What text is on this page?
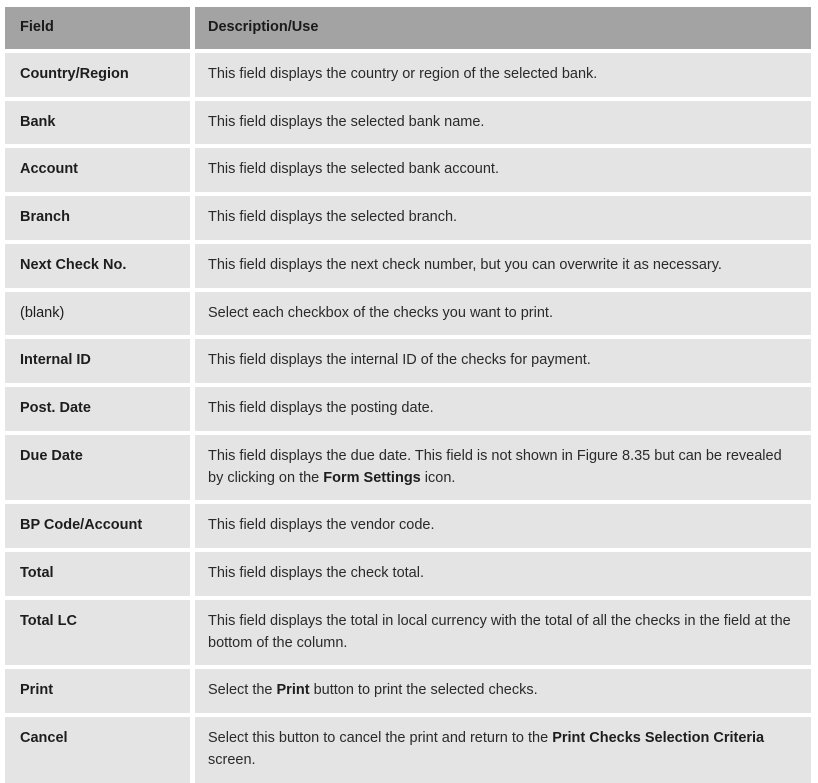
Field	Description/Use
Country/Region	This field displays the country or region of the selected bank.
Bank	This field displays the selected bank name.
Account	This field displays the selected bank account.
Branch	This field displays the selected branch.
Next Check No.	This field displays the next check number, but you can overwrite it as necessary.
(blank)	Select each checkbox of the checks you want to print.
Internal ID	This field displays the internal ID of the checks for payment.
Post. Date	This field displays the posting date.
Due Date	This field displays the due date. This field is not shown in Figure 8.35 but can be revealed by clicking on the Form Settings icon.
BP Code/Account	This field displays the vendor code.
Total	This field displays the check total.
Total LC	This field displays the total in local currency with the total of all the checks in the field at the bottom of the column.
Print	Select the Print button to print the selected checks.
Cancel	Select this button to cancel the print and return to the Print Checks Selection Criteria screen.
